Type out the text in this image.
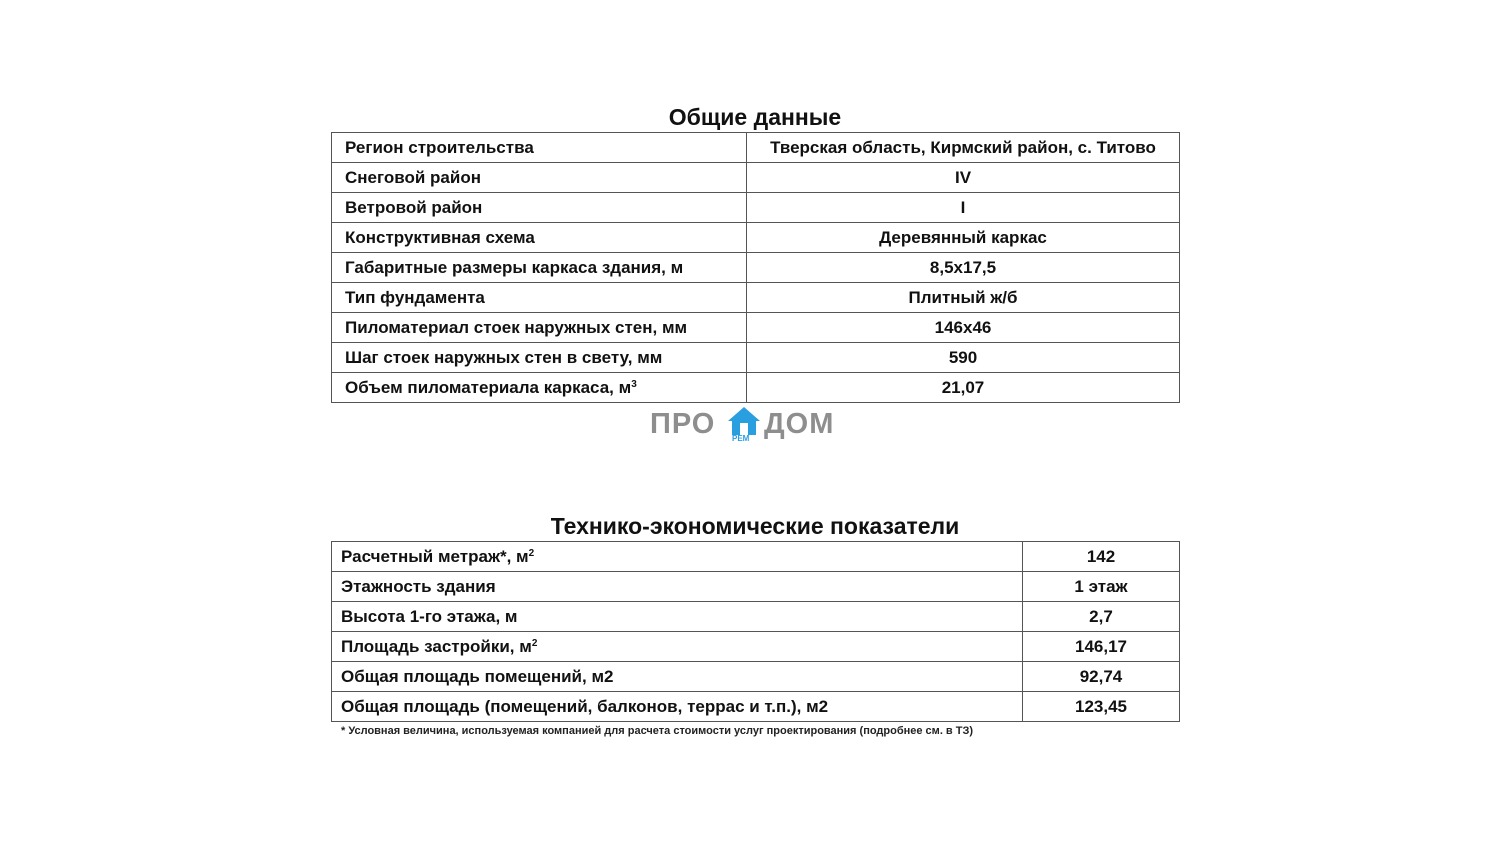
Общие данные
Регион строительства	Тверская область, Кирмский район, с. Титово
Снеговой район	IV
Ветровой район	I
Конструктивная схема	Деревянный каркас
Габаритные размеры каркаса здания, м	8,5x17,5
Тип фундамента	Плитный ж/б
Пиломатериал стоек наружных стен, мм	146x46
Шаг стоек наружных стен в свету, мм	590
Объем пиломатериала каркаса, $м^3$	21,07
ПРО РЕМ ДОМ
Технико-экономические показатели
Расчетный метраж*, $м^2$	142
Этажность здания	1 этаж
Высота 1-го этажа, м	2,7
Площадь застройки, $м^2$	146,17
Общая площадь помещений, м2	92,74
Общая площадь (помещений, балконов, террас и т.п.), м2	123,45
* Условная величина, используемая компанией для расчета стоимости услуг проектирования (подробнее см. в ТЗ)
